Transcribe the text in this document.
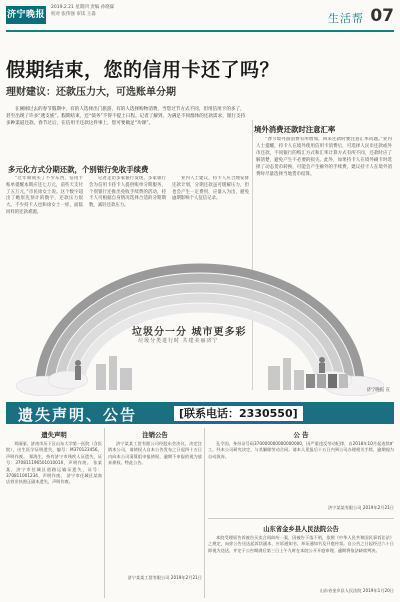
济宁晚报
2019.2.21 星期四 责编 孙晓霖
校对 张伟强 审读 王淼	生活帮 07
假期结束，您的信用卡还了吗？
理财建议：还款压力大，可选账单分期
在刚刚过去的春节假期中，有的人选择出门旅游，有的人选择购物消费，当您过节方式不同，但用信用卡的多了，甚至出现了许多“透支族”。假期结束，还“债务”不得不提上日程。记者了解到，为满足不同群体的还款需求，银行支持多种渠道还款。春节过后，在信用卡还款这件事上，您可要做足“功课”。
多元化方式分期还款，个别银行免收手续费

“过年期间买了不少东西，信用卡账单提醒本期应还七万元，前些天支付了五万元，”市民徐女士说。这个数字超出了她原先预计的数字，还款压力很大。不少持卡人也和徐女士一样，面临同样的还款难题。

记者走访多家银行发现，多家银行会为信用卡持卡人提供账单分期服务，个别银行还推出免收手续费的活动，持卡人可根据自身情况选择合适的分期期数，减轻还款压力。

业内人士建议，持卡人应合理安排还款计划，分期还款虽可缓解压力，但也会产生一定费用，应量入为出，避免逾期影响个人征信记录。

境外消费还款时注意汇率

“春节境外游消费有所增加，回来还款时要注意汇率问题。”业内人士提醒，持卡人在境外使用信用卡消费后，可选择人民币还款或外币还款，不同银行的购汇方式和汇率计算方式有所不同，还款时应了解清楚，避免产生不必要的损失。此外，如果持卡人在境外刷卡时选择了动态货币转换，可能会产生额外的手续费，建议持卡人在境外消费时尽量选择当地货币结算。

垃圾分一分 城市更多彩
垃圾分类进行时 共建美丽济宁
济宁晚报 宣
遗失声明、公告	[联系电话：2330550]
遗失声明

刘丽丽，济南市历下区山东大学第一医院（含医院），出生医学证明遗失，编号：M370123456，声明作废。 郑海生，持有济宁市残疾人证遗失，证号：37081119650101001X，声明作废。 张某某，济宁市任城区道路运输证遗失，证号：370811001234，声明作废。 济宁市任城区某商店营业执照正副本遗失，声明作废。

注销公告

济宁某某工贸有限公司经股东会决议，决定注销本公司，请债权人自本公告发布之日起四十五日内向本公司清算组申报债权，逾期不申报的视为放弃债权。特此公告。

济宁某某工贸有限公司 2019年2月21日
公 告

孔令国，身份证号码370000000000000000，因严重违反劳动纪律，自2018年10月起连续旷工，经本公司研究决定，与其解除劳动合同。请本人见报后十五日内到公司办理相关手续，逾期视为自动放弃。

济宁某某有限公司 2019年2月21日
山东省金乡县人民法院公告

本院受理原告诉被告买卖合同纠纷一案，因被告下落不明，依照《中华人民共和国民事诉讼法》之规定，向你公告送达起诉状副本、应诉通知书、举证通知书及开庭传票。自公告之日起经过六十日即视为送达，并定于公告期满后第三日上午九时在本院公开开庭审理，逾期将依法缺席判决。

山东省金乡县人民法院 2019年1月20日
